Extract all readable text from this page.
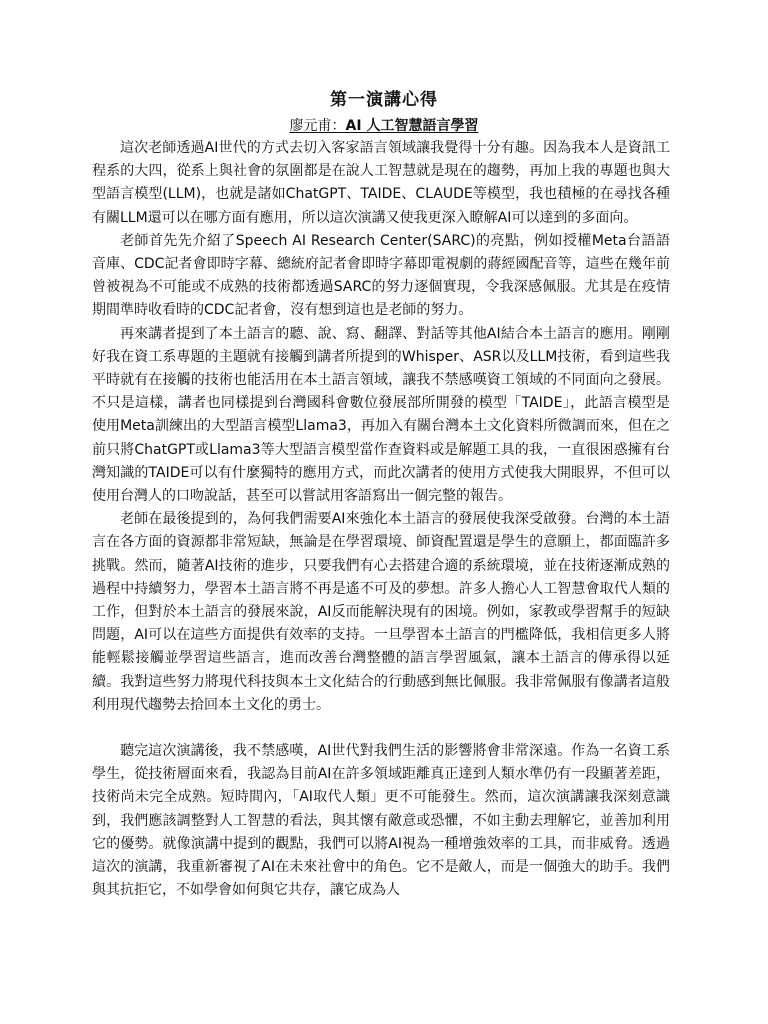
第一演講心得
廖元甫：AI 人工智慧語言學習

這次老師透過AI世代的方式去切入客家語言領域讓我覺得十分有趣。因為我本人是資訊工程系的大四，從系上與社會的氛圍都是在說人工智慧就是現在的趨勢，再加上我的專題也與大型語言模型(LLM)，也就是諸如ChatGPT、TAIDE、CLAUDE等模型，我也積極的在尋找各種有關LLM還可以在哪方面有應用，所以這次演講又使我更深入瞭解AI可以達到的多面向。

老師首先先介紹了Speech AI Research Center(SARC)的亮點，例如授權Meta台語語音庫、CDC記者會即時字幕、總統府記者會即時字幕即電視劇的蔣經國配音等，這些在幾年前曾被視為不可能或不成熟的技術都透過SARC的努力逐個實現，令我深感佩服。尤其是在疫情期間準時收看時的CDC記者會，沒有想到這也是老師的努力。

再來講者提到了本土語言的聽、說、寫、翻譯、對話等其他AI結合本土語言的應用。剛剛好我在資工系專題的主題就有接觸到講者所提到的Whisper、ASR以及LLM技術，看到這些我平時就有在接觸的技術也能活用在本土語言領域，讓我不禁感嘆資工領域的不同面向之發展。不只是這樣，講者也同樣提到台灣國科會數位發展部所開發的模型「TAIDE」，此語言模型是使用Meta訓練出的大型語言模型Llama3，再加入有關台灣本土文化資料所微調而來，但在之前只將ChatGPT或Llama3等大型語言模型當作查資料或是解題工具的我，一直很困惑擁有台灣知識的TAIDE可以有什麼獨特的應用方式，而此次講者的使用方式使我大開眼界，不但可以使用台灣人的口吻說話，甚至可以嘗試用客語寫出一個完整的報告。

老師在最後提到的，為何我們需要AI來強化本土語言的發展使我深受啟發。台灣的本土語言在各方面的資源都非常短缺，無論是在學習環境、師資配置還是學生的意願上，都面臨許多挑戰。然而，隨著AI技術的進步，只要我們有心去搭建合適的系統環境，並在技術逐漸成熟的過程中持續努力，學習本土語言將不再是遙不可及的夢想。許多人擔心人工智慧會取代人類的工作，但對於本土語言的發展來說，AI反而能解決現有的困境。例如，家教或學習幫手的短缺問題，AI可以在這些方面提供有效率的支持。一旦學習本土語言的門檻降低，我相信更多人將能輕鬆接觸並學習這些語言，進而改善台灣整體的語言學習風氣，讓本土語言的傳承得以延續。我對這些努力將現代科技與本土文化結合的行動感到無比佩服。我非常佩服有像講者這般利用現代趨勢去拾回本土文化的勇士。

聽完這次演講後，我不禁感嘆，AI世代對我們生活的影響將會非常深遠。作為一名資工系學生，從技術層面來看，我認為目前AI在許多領域距離真正達到人類水準仍有一段顯著差距，技術尚未完全成熟。短時間內，「AI取代人類」更不可能發生。然而，這次演講讓我深刻意識到，我們應該調整對人工智慧的看法，與其懷有敵意或恐懼，不如主動去理解它，並善加利用它的優勢。就像演講中提到的觀點，我們可以將AI視為一種增強效率的工具，而非威脅。透過這次的演講，我重新審視了AI在未來社會中的角色。它不是敵人，而是一個強大的助手。我們與其抗拒它，不如學會如何與它共存，讓它成為人
